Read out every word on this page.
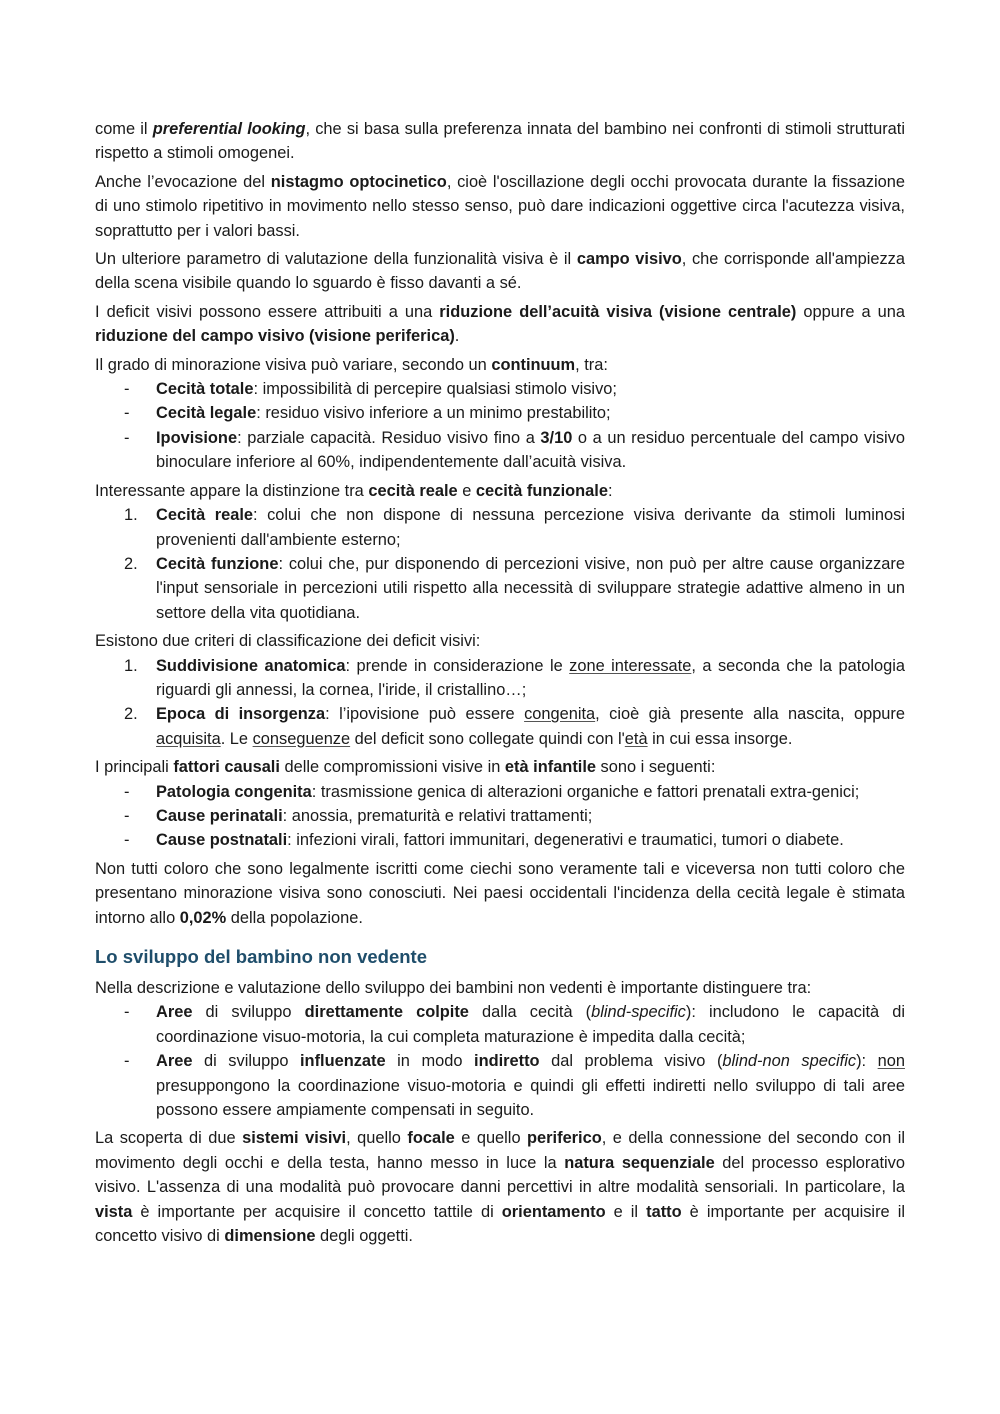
come il preferential looking, che si basa sulla preferenza innata del bambino nei confronti di stimoli strutturati rispetto a stimoli omogenei.

Anche l’evocazione del nistagmo optocinetico, cioè l'oscillazione degli occhi provocata durante la fissazione di uno stimolo ripetitivo in movimento nello stesso senso, può dare indicazioni oggettive circa l'acutezza visiva, soprattutto per i valori bassi.

Un ulteriore parametro di valutazione della funzionalità visiva è il campo visivo, che corrisponde all'ampiezza della scena visibile quando lo sguardo è fisso davanti a sé.

I deficit visivi possono essere attribuiti a una riduzione dell’acuità visiva (visione centrale) oppure a una riduzione del campo visivo (visione periferica).

Il grado di minorazione visiva può variare, secondo un continuum, tra:

- Cecità totale: impossibilità di percepire qualsiasi stimolo visivo;
- Cecità legale: residuo visivo inferiore a un minimo prestabilito;
- Ipovisione: parziale capacità. Residuo visivo fino a 3/10 o a un residuo percentuale del campo visivo binoculare inferiore al 60%, indipendentemente dall’acuità visiva.

Interessante appare la distinzione tra cecità reale e cecità funzionale:

1. Cecità reale: colui che non dispone di nessuna percezione visiva derivante da stimoli luminosi provenienti dall'ambiente esterno;
2. Cecità funzione: colui che, pur disponendo di percezioni visive, non può per altre cause organizzare l'input sensoriale in percezioni utili rispetto alla necessità di sviluppare strategie adattive almeno in un settore della vita quotidiana.

Esistono due criteri di classificazione dei deficit visivi:

1. Suddivisione anatomica: prende in considerazione le zone interessate, a seconda che la patologia riguardi gli annessi, la cornea, l'iride, il cristallino…;
2. Epoca di insorgenza: l’ipovisione può essere congenita, cioè già presente alla nascita, oppure acquisita. Le conseguenze del deficit sono collegate quindi con l'età in cui essa insorge.

I principali fattori causali delle compromissioni visive in età infantile sono i seguenti:

- Patologia congenita: trasmissione genica di alterazioni organiche e fattori prenatali extra-genici;
- Cause perinatali: anossia, prematurità e relativi trattamenti;
- Cause postnatali: infezioni virali, fattori immunitari, degenerativi e traumatici, tumori o diabete.

Non tutti coloro che sono legalmente iscritti come ciechi sono veramente tali e viceversa non tutti coloro che presentano minorazione visiva sono conosciuti. Nei paesi occidentali l'incidenza della cecità legale è stimata intorno allo 0,02% della popolazione.

Lo sviluppo del bambino non vedente

Nella descrizione e valutazione dello sviluppo dei bambini non vedenti è importante distinguere tra:

- Aree di sviluppo direttamente colpite dalla cecità (blind-specific): includono le capacità di coordinazione visuo-motoria, la cui completa maturazione è impedita dalla cecità;
- Aree di sviluppo influenzate in modo indiretto dal problema visivo (blind-non specific): non presuppongono la coordinazione visuo-motoria e quindi gli effetti indiretti nello sviluppo di tali aree possono essere ampiamente compensati in seguito.

La scoperta di due sistemi visivi, quello focale e quello periferico, e della connessione del secondo con il movimento degli occhi e della testa, hanno messo in luce la natura sequenziale del processo esplorativo visivo. L'assenza di una modalità può provocare danni percettivi in altre modalità sensoriali. In particolare, la vista è importante per acquisire il concetto tattile di orientamento e il tatto è importante per acquisire il concetto visivo di dimensione degli oggetti.
